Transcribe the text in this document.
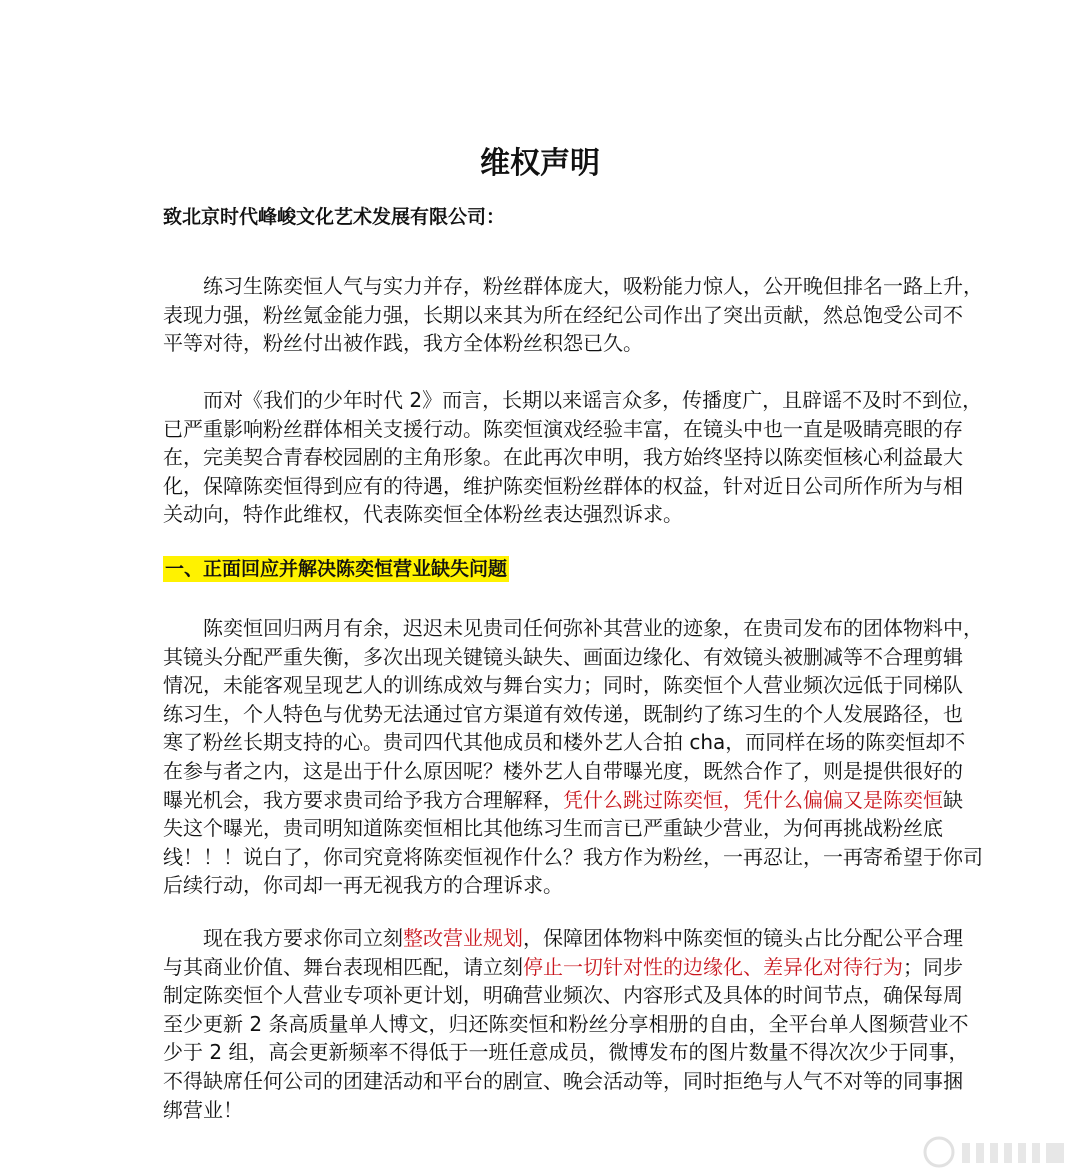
维权声明
致北京时代峰峻文化艺术发展有限公司：
练习生陈奕恒人气与实力并存，粉丝群体庞大，吸粉能力惊人，公开晚但排名一路上升，
表现力强，粉丝氪金能力强，长期以来其为所在经纪公司作出了突出贡献，然总饱受公司不
平等对待，粉丝付出被作践，我方全体粉丝积怨已久。
而对《我们的少年时代 2》而言，长期以来谣言众多，传播度广，且辟谣不及时不到位，
已严重影响粉丝群体相关支援行动。陈奕恒演戏经验丰富，在镜头中也一直是吸睛亮眼的存
在，完美契合青春校园剧的主角形象。在此再次申明，我方始终坚持以陈奕恒核心利益最大
化，保障陈奕恒得到应有的待遇，维护陈奕恒粉丝群体的权益，针对近日公司所作所为与相
关动向，特作此维权，代表陈奕恒全体粉丝表达强烈诉求。
一、正面回应并解决陈奕恒营业缺失问题
陈奕恒回归两月有余，迟迟未见贵司任何弥补其营业的迹象，在贵司发布的团体物料中，
其镜头分配严重失衡，多次出现关键镜头缺失、画面边缘化、有效镜头被删减等不合理剪辑
情况，未能客观呈现艺人的训练成效与舞台实力；同时，陈奕恒个人营业频次远低于同梯队
练习生，个人特色与优势无法通过官方渠道有效传递，既制约了练习生的个人发展路径，也
寒了粉丝长期支持的心。贵司四代其他成员和楼外艺人合拍 cha，而同样在场的陈奕恒却不
在参与者之内，这是出于什么原因呢？楼外艺人自带曝光度，既然合作了，则是提供很好的
曝光机会，我方要求贵司给予我方合理解释，凭什么跳过陈奕恒，凭什么偏偏又是陈奕恒缺
失这个曝光，贵司明知道陈奕恒相比其他练习生而言已严重缺少营业，为何再挑战粉丝底
线！！！说白了，你司究竟将陈奕恒视作什么？我方作为粉丝，一再忍让，一再寄希望于你司
后续行动，你司却一再无视我方的合理诉求。
现在我方要求你司立刻整改营业规划，保障团体物料中陈奕恒的镜头占比分配公平合理
与其商业价值、舞台表现相匹配，请立刻停止一切针对性的边缘化、差异化对待行为；同步
制定陈奕恒个人营业专项补更计划，明确营业频次、内容形式及具体的时间节点，确保每周
至少更新 2 条高质量单人博文，归还陈奕恒和粉丝分享相册的自由，全平台单人图频营业不
少于 2 组，高会更新频率不得低于一班任意成员，微博发布的图片数量不得次次少于同事，
不得缺席任何公司的团建活动和平台的剧宣、晚会活动等，同时拒绝与人气不对等的同事捆
绑营业！
